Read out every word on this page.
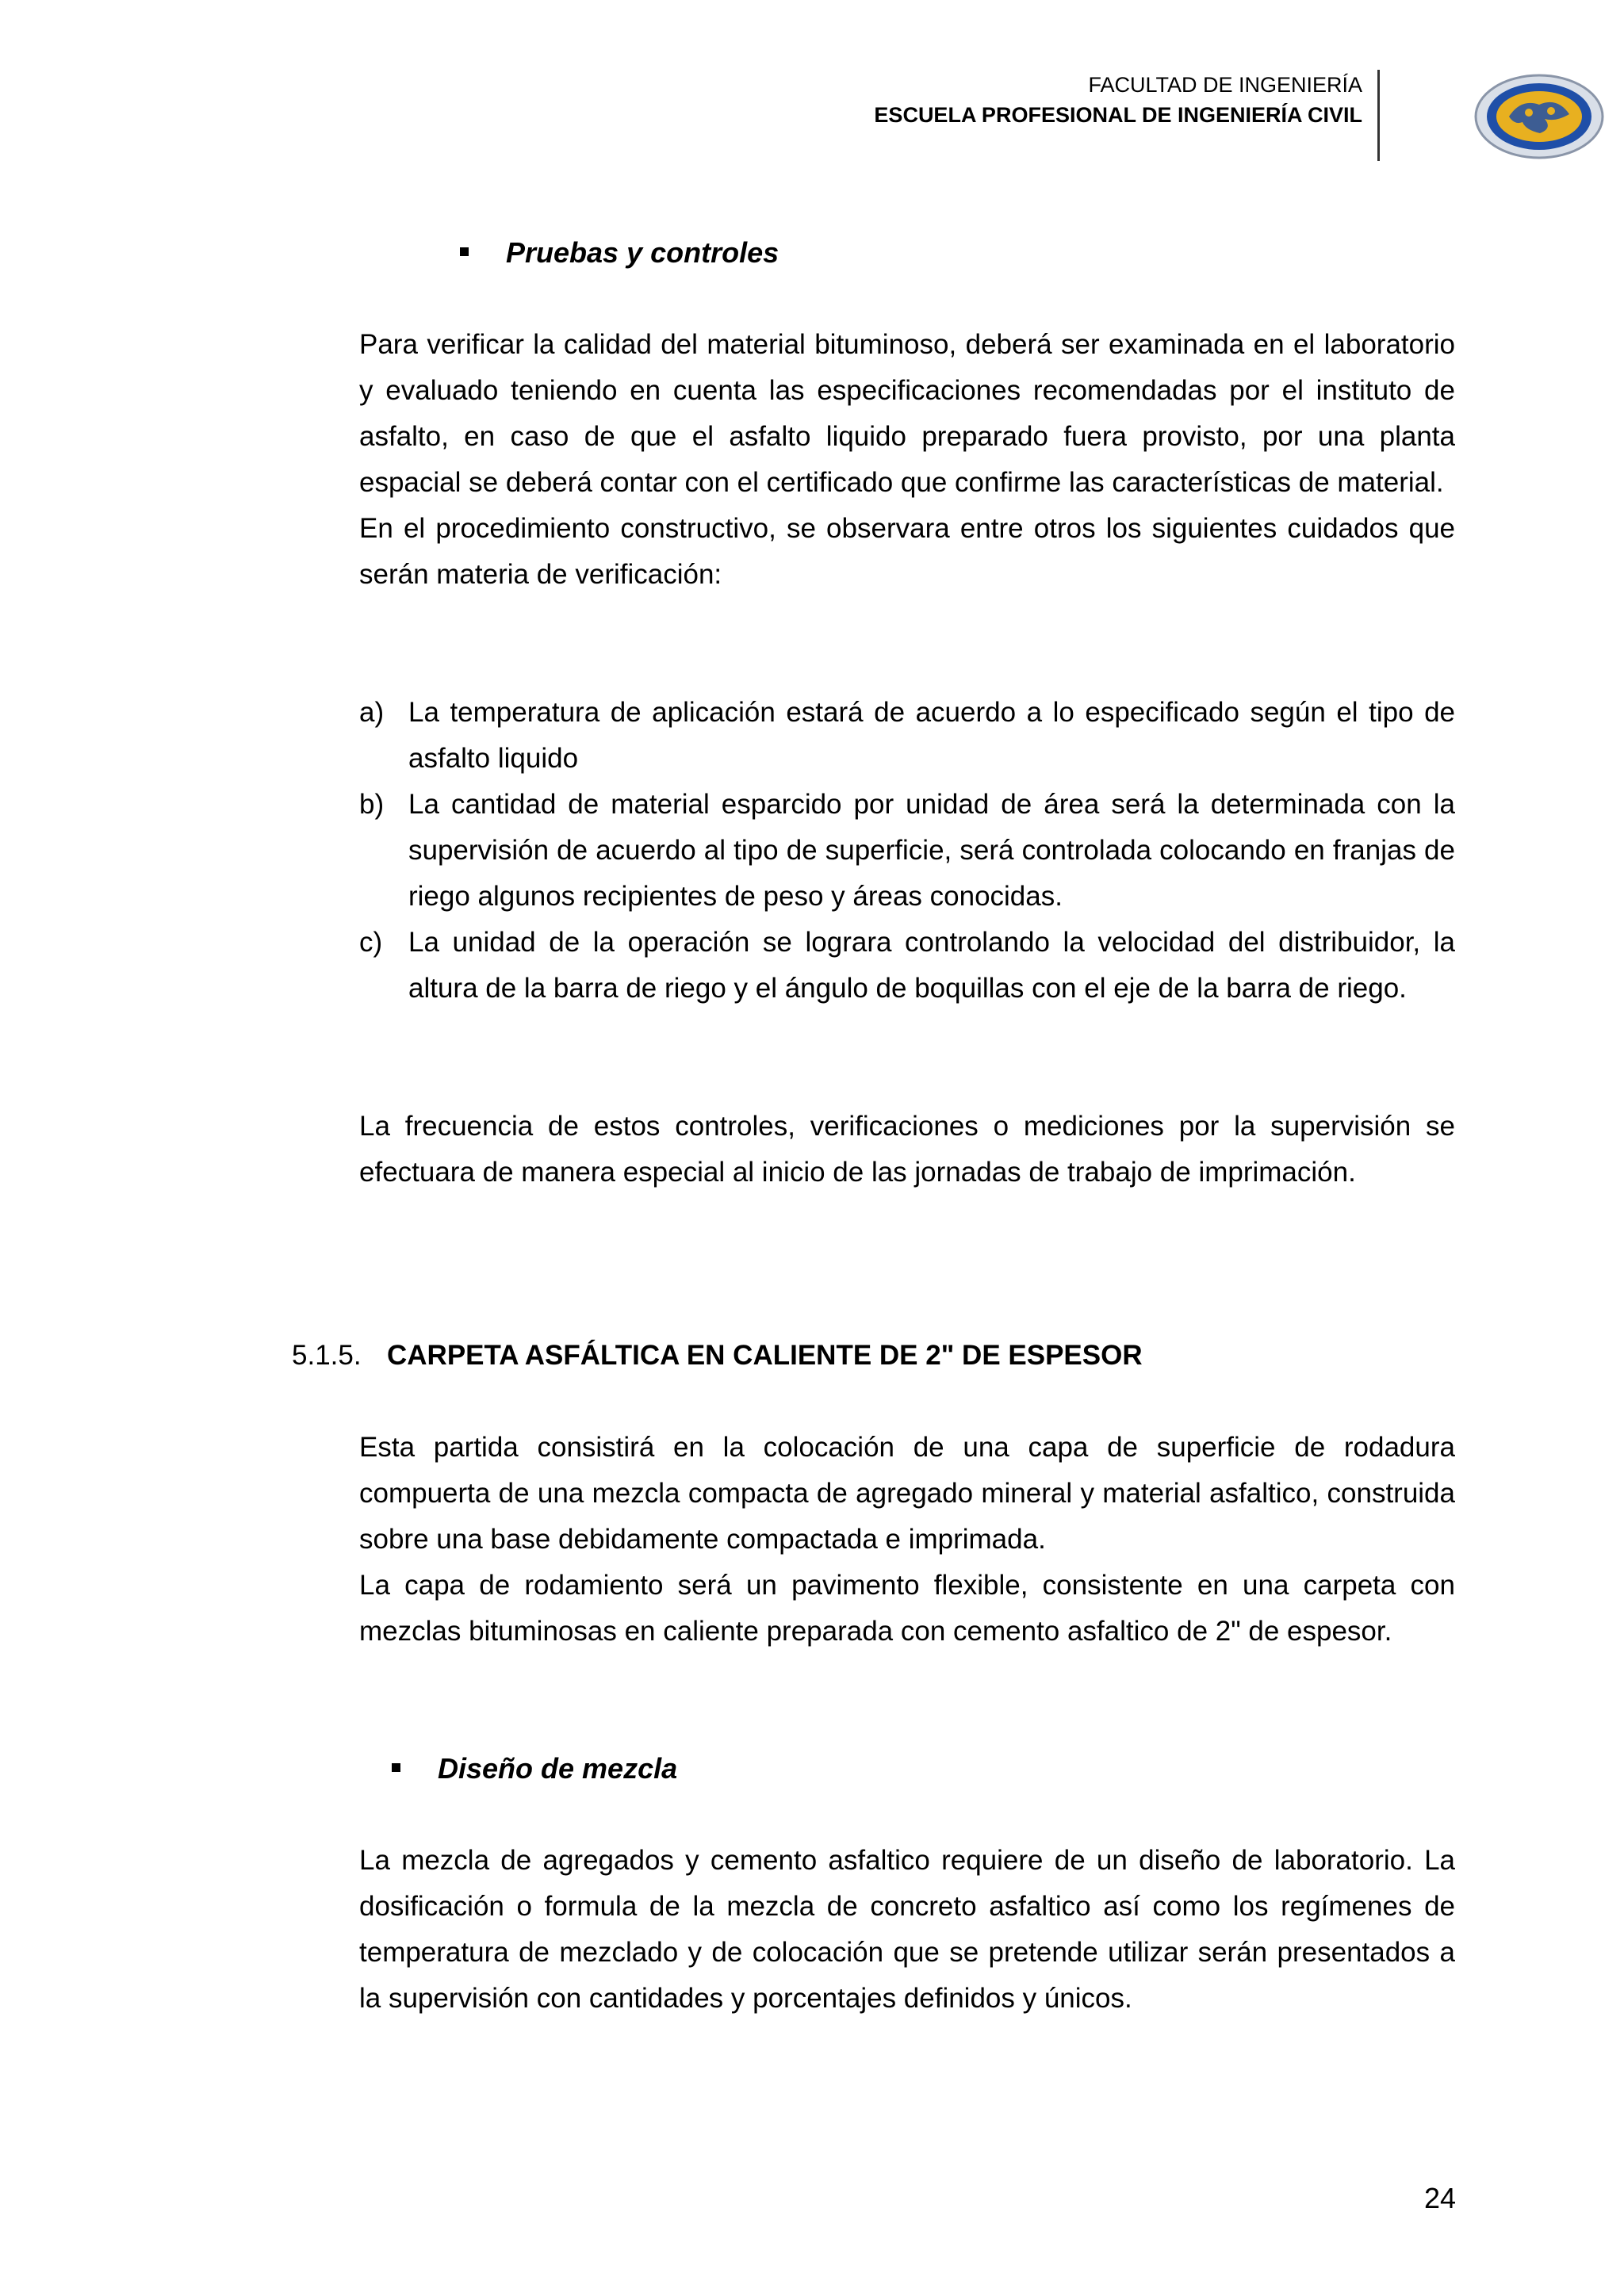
FACULTAD DE INGENIERÍA
ESCUELA PROFESIONAL DE INGENIERÍA CIVIL
Pruebas y controles

Para verificar la calidad del material bituminoso, deberá ser examinada en el laboratorio y evaluado teniendo en cuenta las especificaciones recomendadas por el instituto de asfalto, en caso de que el asfalto liquido preparado fuera provisto, por una planta espacial se deberá contar con el certificado que confirme las características de material.

En el procedimiento constructivo, se observara entre otros los siguientes cuidados que serán materia de verificación:

a) La temperatura de aplicación estará de acuerdo a lo especificado según el tipo de asfalto liquido
b) La cantidad de material esparcido por unidad de área será la determinada con la supervisión de acuerdo al tipo de superficie, será controlada colocando en franjas de riego algunos recipientes de peso y áreas conocidas.
c) La unidad de la operación se lograra controlando la velocidad del distribuidor, la altura de la barra de riego y el ángulo de boquillas con el eje de la barra de riego.

La frecuencia de estos controles, verificaciones o mediciones por la supervisión se efectuara de manera especial al inicio de las jornadas de trabajo de imprimación.

5.1.5. CARPETA ASFÁLTICA EN CALIENTE DE 2" DE ESPESOR

Esta partida consistirá en la colocación de una capa de superficie de rodadura compuerta de una mezcla compacta de agregado mineral y material asfaltico, construida sobre una base debidamente compactada e imprimada.

La capa de rodamiento será un pavimento flexible, consistente en una carpeta con mezclas bituminosas en caliente preparada con cemento asfaltico de 2" de espesor.

Diseño de mezcla

La mezcla de agregados y cemento asfaltico requiere de un diseño de laboratorio. La dosificación o formula de la mezcla de concreto asfaltico así como los regímenes de temperatura de mezclado y de colocación que se pretende utilizar serán presentados a la supervisión con cantidades y porcentajes definidos y únicos.

24
